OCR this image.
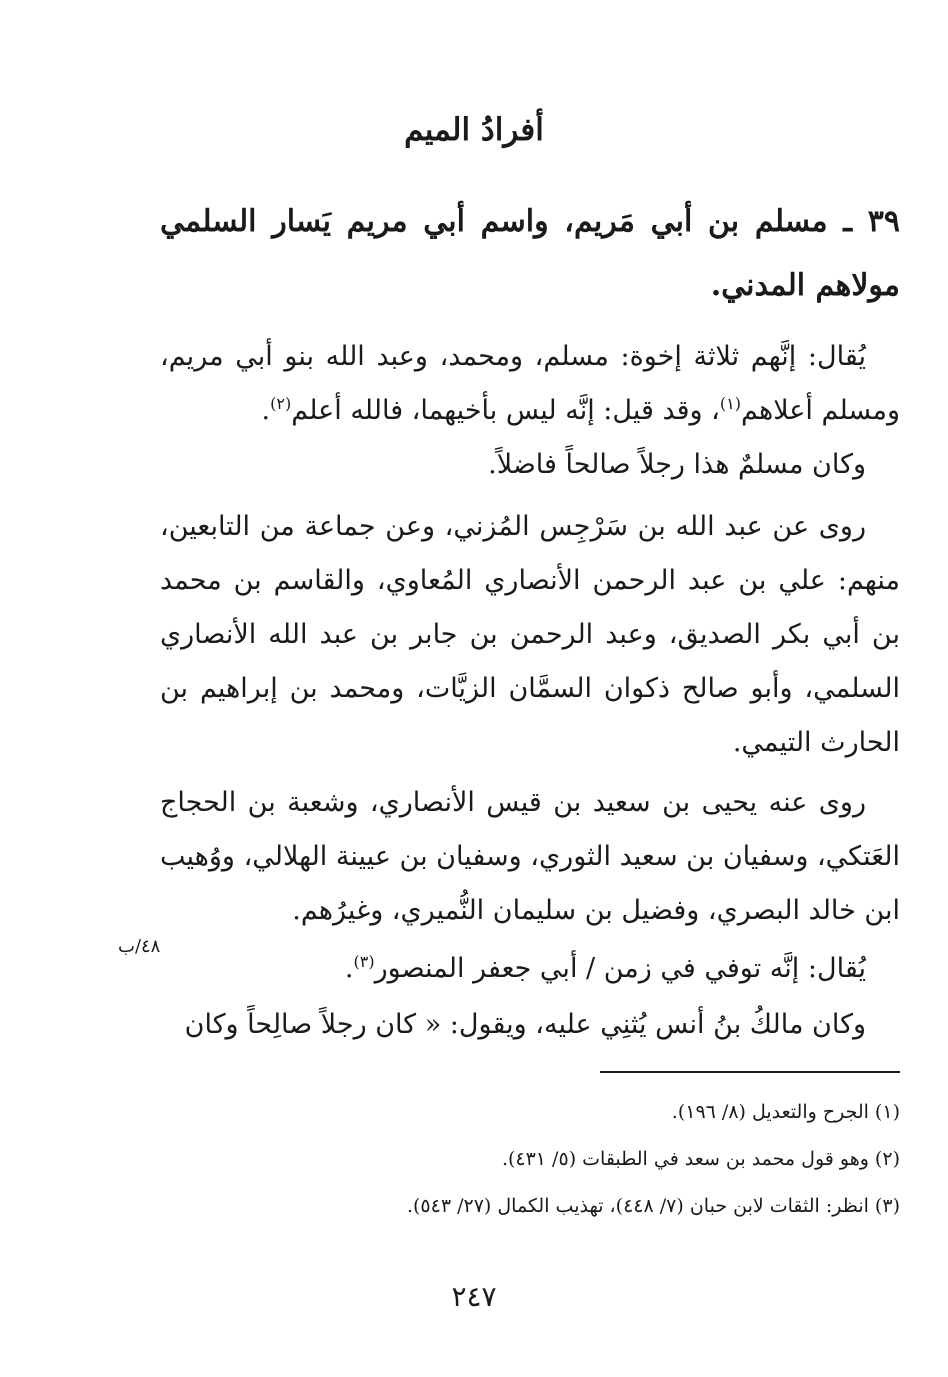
أفرادُ الميم

٣٩ ـ مسلم بن أبي مَريم، واسم أبي مريم يَسار السلمي مولاهم المدني.

يُقال: إنَّهم ثلاثة إخوة: مسلم، ومحمد، وعبد الله بنو أبي مريم، ومسلم أعلاهم$^{(١)}$، وقد قيل: إنَّه ليس بأخيهما، فالله أعلم$^{(٢)}$.

وكان مسلمٌ هذا رجلاً صالحاً فاضلاً.

روى عن عبد الله بن سَرْجِس المُزني، وعن جماعة من التابعين، منهم: علي بن عبد الرحمن الأنصاري المُعاوي، والقاسم بن محمد بن أبي بكر الصديق، وعبد الرحمن بن جابر بن عبد الله الأنصاري السلمي، وأبو صالح ذكوان السمَّان الزيَّات، ومحمد بن إبراهيم بن الحارث التيمي.

روى عنه يحيى بن سعيد بن قيس الأنصاري، وشعبة بن الحجاج العَتكي، وسفيان بن سعيد الثوري، وسفيان بن عيينة الهلالي، ووُهيب ابن خالد البصري، وفضيل بن سليمان النُّميري، وغيرُهم.

٤٨/ب

يُقال: إنَّه توفي في زمن / أبي جعفر المنصور$^{(٣)}$.

وكان مالكُ بنُ أنس يُثنِي عليه، ويقول: « كان رجلاً صالِحاً وكان

(١) الجرح والتعديل (٨/ ١٩٦).

(٢) وهو قول محمد بن سعد في الطبقات (٥/ ٤٣١).

(٣) انظر: الثقات لابن حبان (٧/ ٤٤٨)، تهذيب الكمال (٢٧/ ٥٤٣).

٢٤٧
